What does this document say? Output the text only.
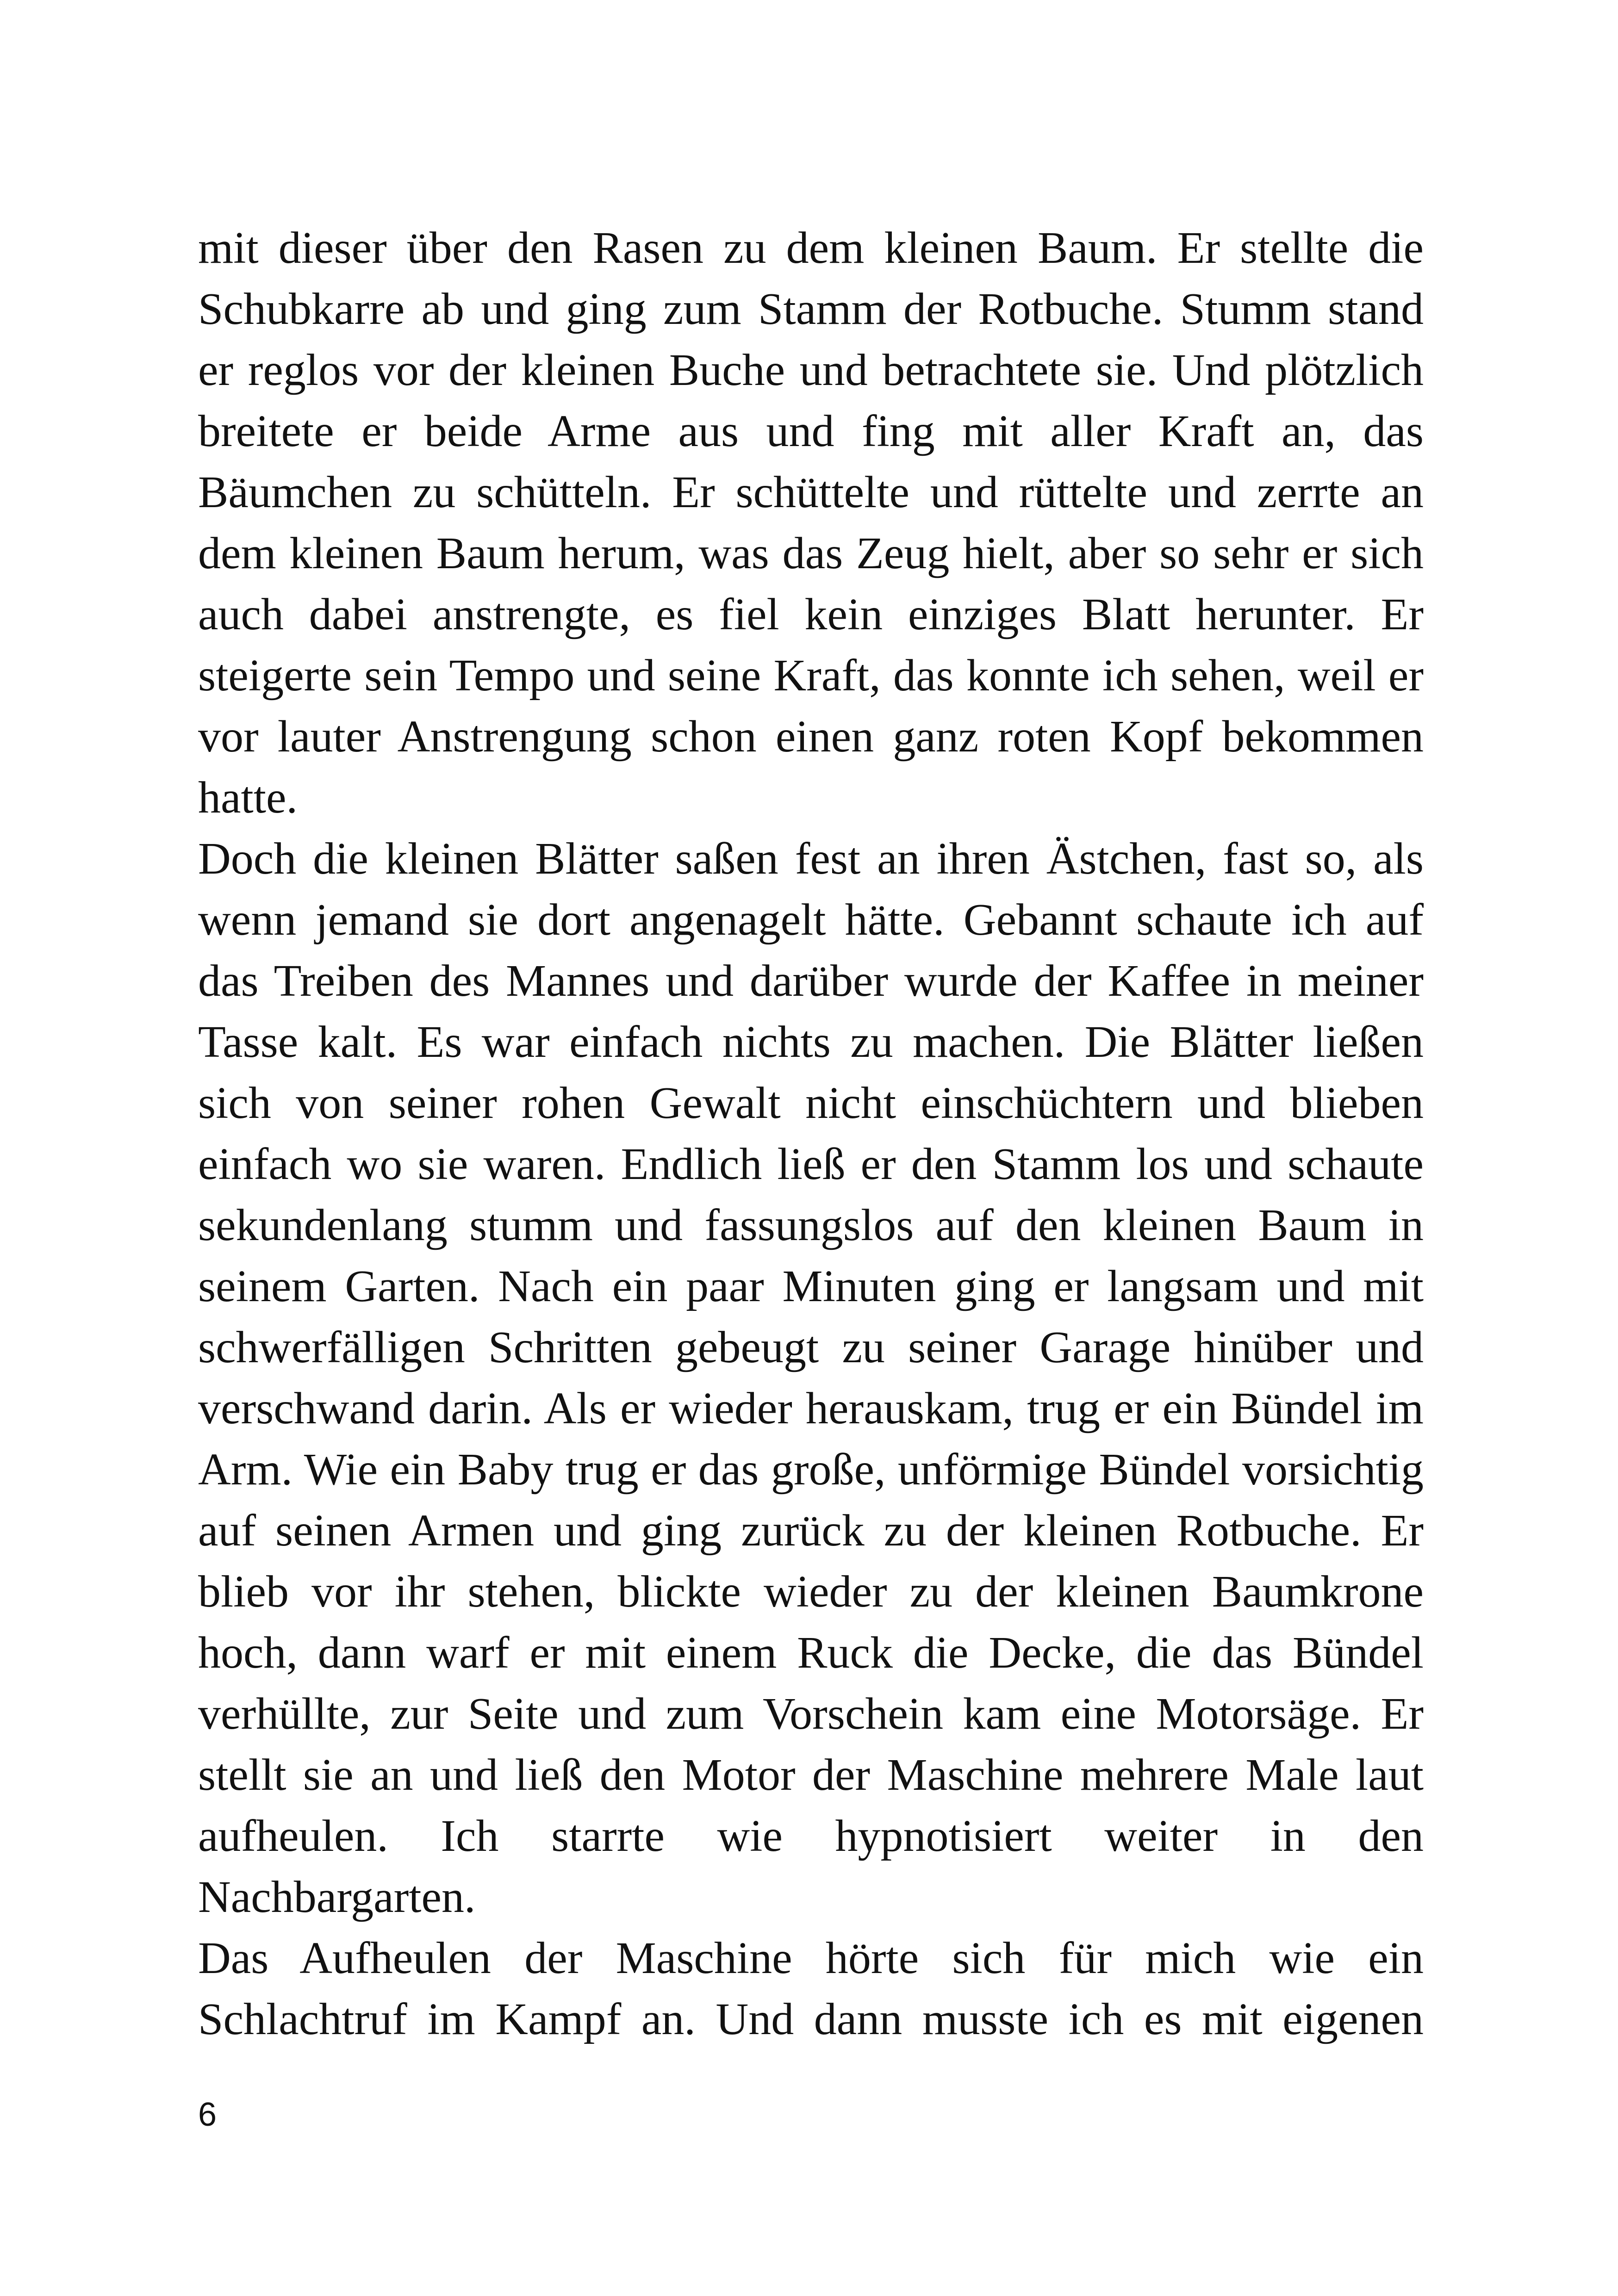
mit dieser über den Rasen zu dem kleinen Baum. Er stellte die
Schubkarre ab und ging zum Stamm der Rotbuche. Stumm stand
er reglos vor der kleinen Buche und betrachtete sie. Und plötzlich
breitete er beide Arme aus und fing mit aller Kraft an, das
Bäumchen zu schütteln. Er schüttelte und rüttelte und zerrte an
dem kleinen Baum herum, was das Zeug hielt, aber so sehr er sich
auch dabei anstrengte, es fiel kein einziges Blatt herunter. Er
steigerte sein Tempo und seine Kraft, das konnte ich sehen, weil er
vor lauter Anstrengung schon einen ganz roten Kopf bekommen
hatte.
Doch die kleinen Blätter saßen fest an ihren Ästchen, fast so, als
wenn jemand sie dort angenagelt hätte. Gebannt schaute ich auf
das Treiben des Mannes und darüber wurde der Kaffee in meiner
Tasse kalt. Es war einfach nichts zu machen. Die Blätter ließen
sich von seiner rohen Gewalt nicht einschüchtern und blieben
einfach wo sie waren. Endlich ließ er den Stamm los und schaute
sekundenlang stumm und fassungslos auf den kleinen Baum in
seinem Garten. Nach ein paar Minuten ging er langsam und mit
schwerfälligen Schritten gebeugt zu seiner Garage hinüber und
verschwand darin. Als er wieder herauskam, trug er ein Bündel im
Arm. Wie ein Baby trug er das große, unförmige Bündel vorsichtig
auf seinen Armen und ging zurück zu der kleinen Rotbuche. Er
blieb vor ihr stehen, blickte wieder zu der kleinen Baumkrone
hoch, dann warf er mit einem Ruck die Decke, die das Bündel
verhüllte, zur Seite und zum Vorschein kam eine Motorsäge. Er
stellt sie an und ließ den Motor der Maschine mehrere Male laut
aufheulen. Ich starrte wie hypnotisiert weiter in den
Nachbargarten.
Das Aufheulen der Maschine hörte sich für mich wie ein
Schlachtruf im Kampf an. Und dann musste ich es mit eigenen
6
